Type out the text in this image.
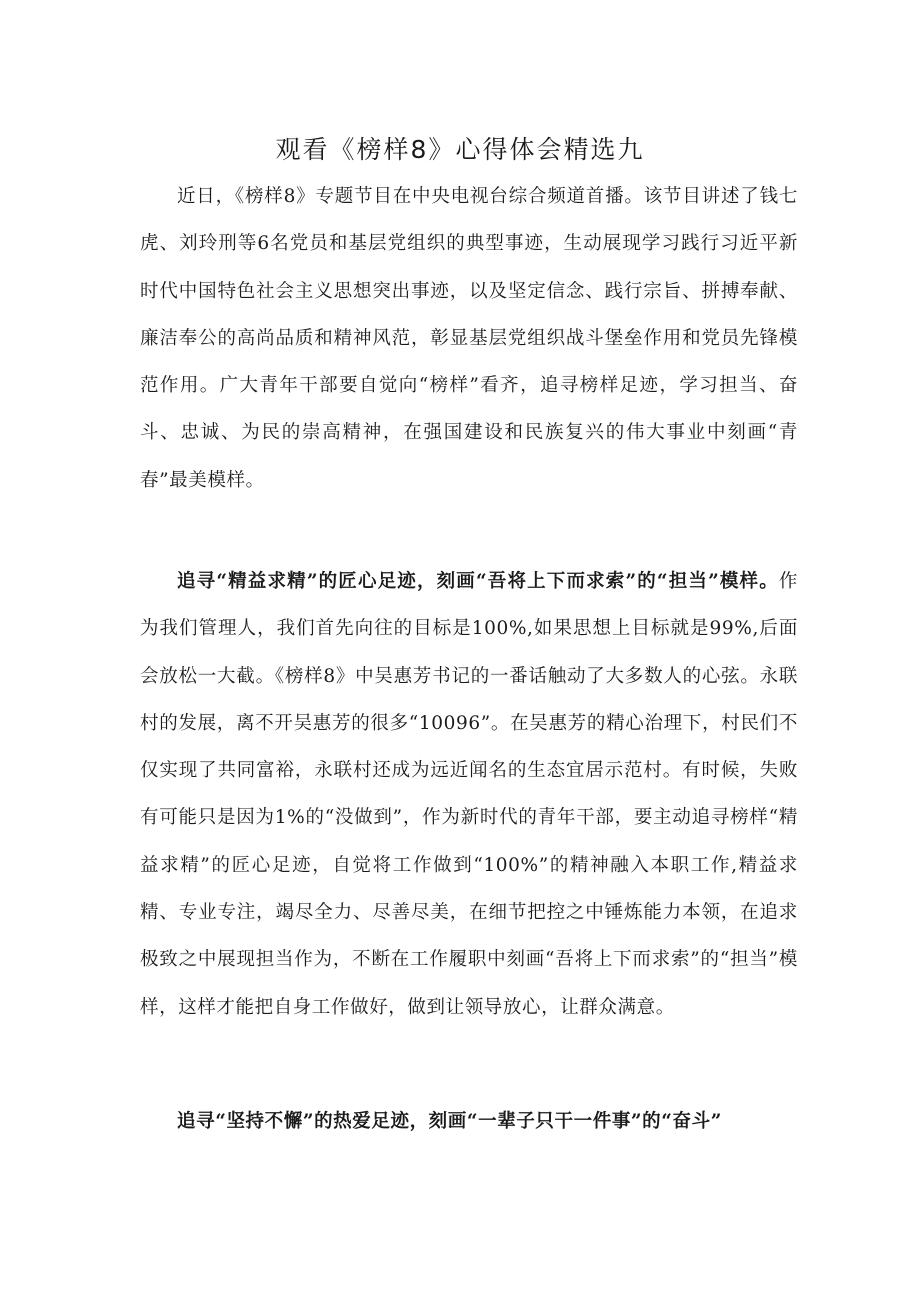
观看《榜样8》心得体会精选九

近日，《榜样8》专题节目在中央电视台综合频道首播。该节目讲述了钱七虎、刘玲刑等6名党员和基层党组织的典型事迹，生动展现学习践行习近平新时代中国特色社会主义思想突出事迹，以及坚定信念、践行宗旨、拼搏奉献、廉洁奉公的高尚品质和精神风范，彰显基层党组织战斗堡垒作用和党员先锋模范作用。广大青年干部要自觉向“榜样”看齐，追寻榜样足迹，学习担当、奋斗、忠诚、为民的崇高精神，在强国建设和民族复兴的伟大事业中刻画“青春”最美模样。

追寻“精益求精”的匠心足迹，刻画“吾将上下而求索”的“担当”模样。作为我们管理人，我们首先向往的目标是100%,如果思想上目标就是99%,后面会放松一大截。《榜样8》中吴惠芳书记的一番话触动了大多数人的心弦。永联村的发展，离不开吴惠芳的很多“10096”。在吴惠芳的精心治理下，村民们不仅实现了共同富裕，永联村还成为远近闻名的生态宜居示范村。有时候，失败有可能只是因为1%的“没做到”，作为新时代的青年干部，要主动追寻榜样“精益求精”的匠心足迹，自觉将工作做到“100%”的精神融入本职工作,精益求精、专业专注，竭尽全力、尽善尽美，在细节把控之中锤炼能力本领，在追求极致之中展现担当作为，不断在工作履职中刻画“吾将上下而求索”的“担当”模样，这样才能把自身工作做好，做到让领导放心，让群众满意。

追寻“坚持不懈”的热爱足迹，刻画“一辈子只干一件事”的“奋斗”
